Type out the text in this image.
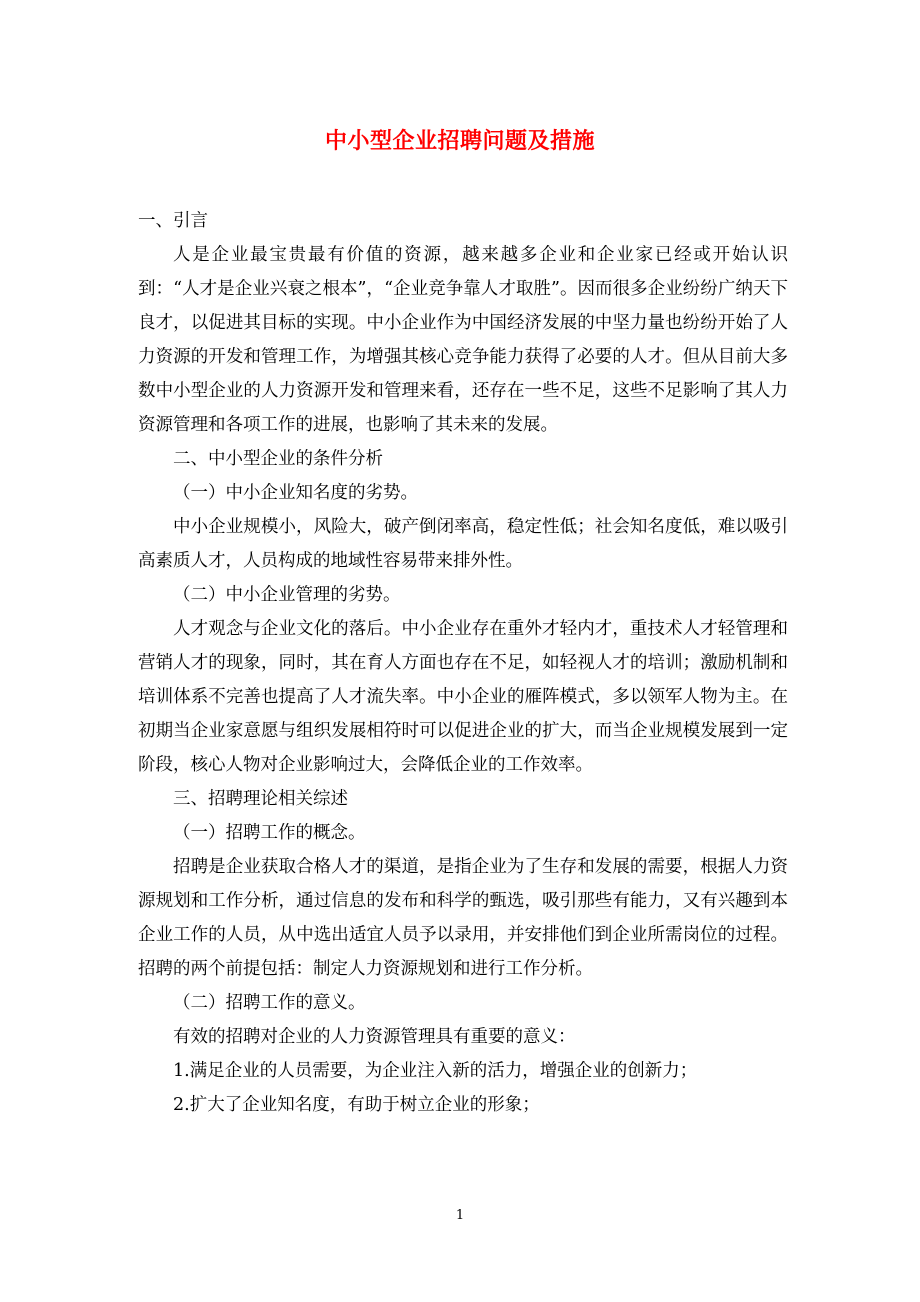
中小型企业招聘问题及措施

一、引言

人是企业最宝贵最有价值的资源，越来越多企业和企业家已经或开始认识到：“人才是企业兴衰之根本”，“企业竞争靠人才取胜”。因而很多企业纷纷广纳天下良才，以促进其目标的实现。中小企业作为中国经济发展的中坚力量也纷纷开始了人力资源的开发和管理工作，为增强其核心竞争能力获得了必要的人才。但从目前大多数中小型企业的人力资源开发和管理来看，还存在一些不足，这些不足影响了其人力资源管理和各项工作的进展，也影响了其未来的发展。

二、中小型企业的条件分析

（一）中小企业知名度的劣势。

中小企业规模小，风险大，破产倒闭率高，稳定性低；社会知名度低，难以吸引高素质人才，人员构成的地域性容易带来排外性。

（二）中小企业管理的劣势。

人才观念与企业文化的落后。中小企业存在重外才轻内才，重技术人才轻管理和营销人才的现象，同时，其在育人方面也存在不足，如轻视人才的培训；激励机制和培训体系不完善也提高了人才流失率。中小企业的雁阵模式，多以领军人物为主。在初期当企业家意愿与组织发展相符时可以促进企业的扩大，而当企业规模发展到一定阶段，核心人物对企业影响过大，会降低企业的工作效率。

三、招聘理论相关综述

（一）招聘工作的概念。

招聘是企业获取合格人才的渠道，是指企业为了生存和发展的需要，根据人力资源规划和工作分析，通过信息的发布和科学的甄选，吸引那些有能力，又有兴趣到本企业工作的人员，从中选出适宜人员予以录用，并安排他们到企业所需岗位的过程。招聘的两个前提包括：制定人力资源规划和进行工作分析。

（二）招聘工作的意义。

有效的招聘对企业的人力资源管理具有重要的意义：

1.满足企业的人员需要，为企业注入新的活力，增强企业的创新力；

2.扩大了企业知名度，有助于树立企业的形象；

1
